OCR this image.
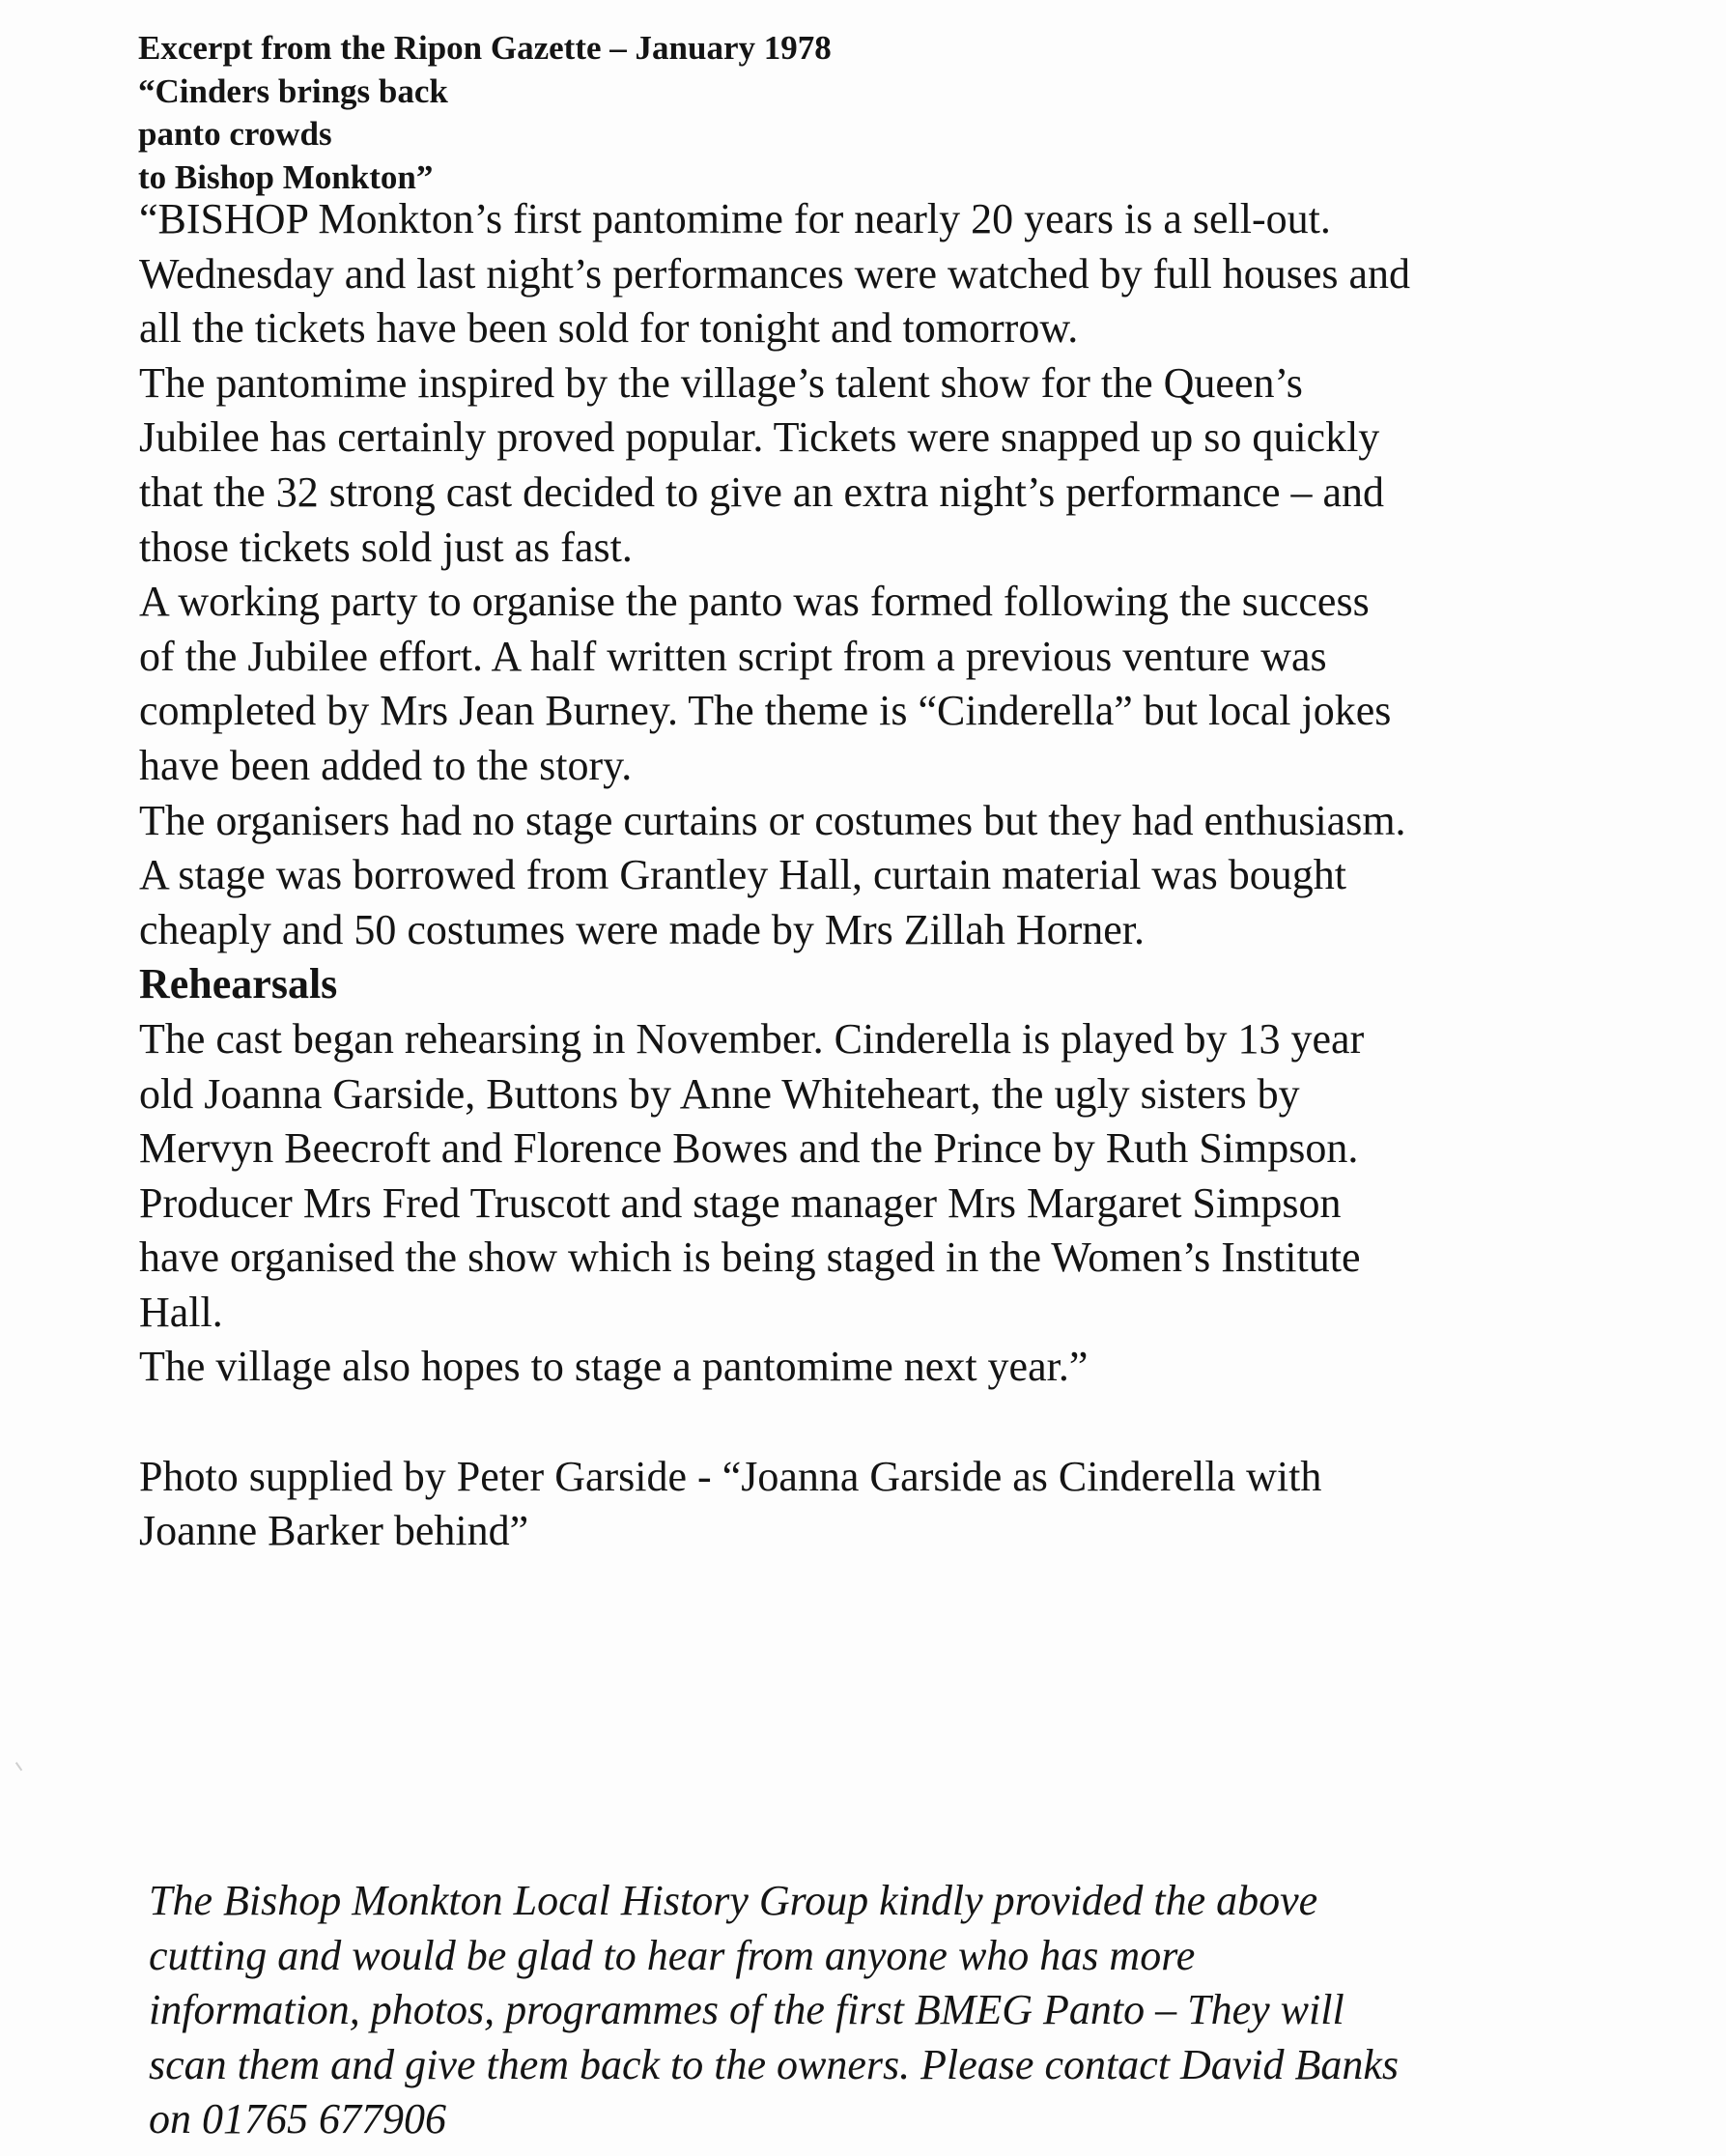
Excerpt from the Ripon Gazette – January 1978
“Cinders brings back
panto crowds
to Bishop Monkton”

“BISHOP Monkton’s first pantomime for nearly 20 years is a sell-out. Wednesday and last night’s performances were watched by full houses and all the tickets have been sold for tonight and tomorrow.

The pantomime inspired by the village’s talent show for the Queen’s Jubilee has certainly proved popular. Tickets were snapped up so quickly that the 32 strong cast decided to give an extra night’s performance – and those tickets sold just as fast.

A working party to organise the panto was formed following the success of the Jubilee effort. A half written script from a previous venture was completed by Mrs Jean Burney. The theme is “Cinderella” but local jokes have been added to the story.

The organisers had no stage curtains or costumes but they had enthusiasm. A stage was borrowed from Grantley Hall, curtain material was bought cheaply and 50 costumes were made by Mrs Zillah Horner.

Rehearsals

The cast began rehearsing in November. Cinderella is played by 13 year old Joanna Garside, Buttons by Anne Whiteheart, the ugly sisters by Mervyn Beecroft and Florence Bowes and the Prince by Ruth Simpson.

Producer Mrs Fred Truscott and stage manager Mrs Margaret Simpson have organised the show which is being staged in the Women’s Institute Hall.

The village also hopes to stage a pantomime next year.”

Photo supplied by Peter Garside - “Joanna Garside as Cinderella with Joanne Barker behind”

The Bishop Monkton Local History Group kindly provided the above cutting and would be glad to hear from anyone who has more information, photos, programmes of the first BMEG Panto – They will scan them and give them back to the owners. Please contact David Banks on 01765 677906
